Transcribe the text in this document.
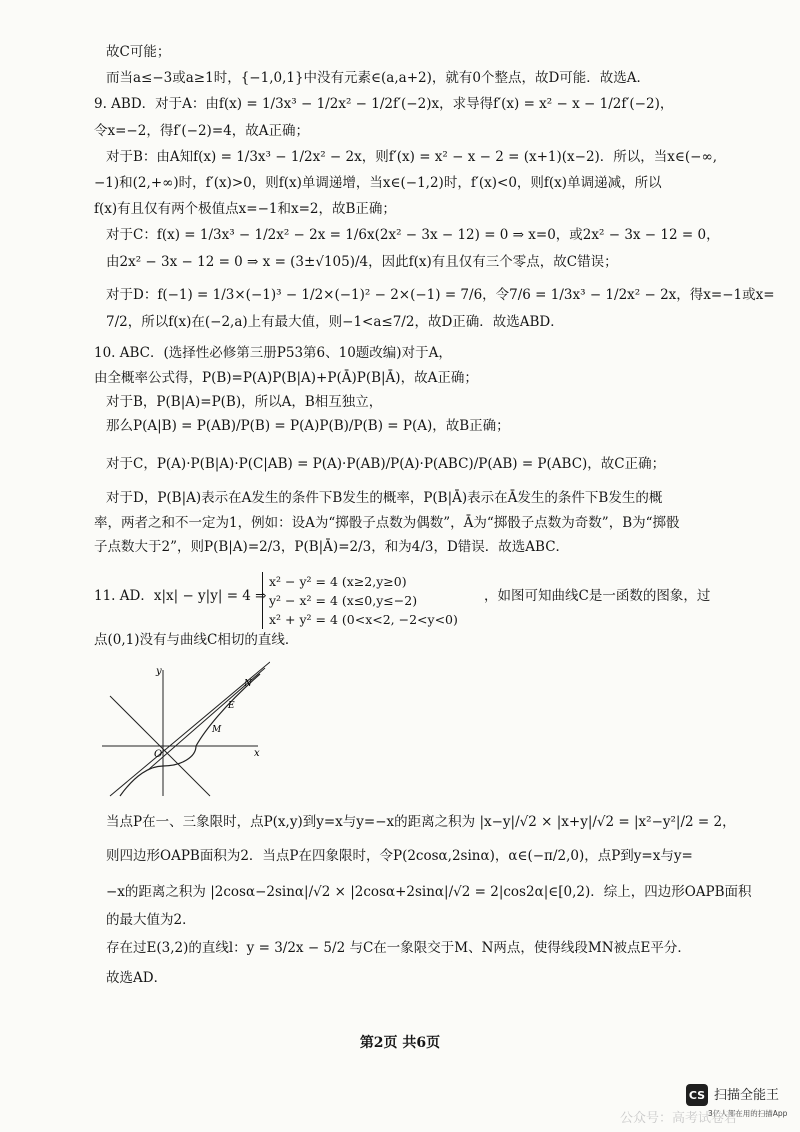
故C可能；
而当a≤−3或a≥1时，{−1,0,1}中没有元素∈(a,a+2)，就有0个整点，故D可能．故选A．
9. ABD．对于A：由f(x) = 1/3x³ − 1/2x² − 1/2f′(−2)x，求导得f′(x) = x² − x − 1/2f′(−2)，
令x=−2，得f′(−2)=4，故A正确；
对于B：由A知f(x) = 1/3x³ − 1/2x² − 2x，则f′(x) = x² − x − 2 = (x+1)(x−2)．所以，当x∈(−∞,
−1)和(2,+∞)时，f′(x)>0，则f(x)单调递增，当x∈(−1,2)时，f′(x)<0，则f(x)单调递减，所以
f(x)有且仅有两个极值点x=−1和x=2，故B正确；
对于C：f(x) = 1/3x³ − 1/2x² − 2x = 1/6x(2x² − 3x − 12) = 0 ⇒ x=0，或2x² − 3x − 12 = 0，
由2x² − 3x − 12 = 0 ⇒ x = (3±√105)/4，因此f(x)有且仅有三个零点，故C错误；
对于D：f(−1) = 1/3×(−1)³ − 1/2×(−1)² − 2×(−1) = 7/6，令7/6 = 1/3x³ − 1/2x² − 2x，得x=−1或x=
7/2，所以f(x)在(−2,a)上有最大值，则−1<a≤7/2，故D正确．故选ABD．
10. ABC．(选择性必修第三册P53第6、10题改编)对于A，
由全概率公式得，P(B)=P(A)P(B|A)+P(Ā)P(B|Ā)，故A正确；
对于B，P(B|A)=P(B)，所以A，B相互独立，
那么P(A|B) = P(AB)/P(B) = P(A)P(B)/P(B) = P(A)，故B正确；
对于C，P(A)·P(B|A)·P(C|AB) = P(A)·P(AB)/P(A)·P(ABC)/P(AB) = P(ABC)，故C正确；
对于D，P(B|A)表示在A发生的条件下B发生的概率，P(B|Ā)表示在Ā发生的条件下B发生的概
率，两者之和不一定为1，例如：设A为“掷骰子点数为偶数”，Ā为“掷骰子点数为奇数”，B为“掷骰
子点数大于2”，则P(B|A)=2/3，P(B|Ā)=2/3，和为4/3，D错误．故选ABC．
11. AD．x|x| − y|y| = 4 ⇒
x² − y² = 4 (x≥2,y≥0)
y² − x² = 4 (x≤0,y≤−2)
x² + y² = 4 (0<x<2, −2<y<0)
，如图可知曲线C是一函数的图象，过
点(0,1)没有与曲线C相切的直线．
y
x
O
N
E
M
当点P在一、三象限时，点P(x,y)到y=x与y=−x的距离之积为 |x−y|/√2 × |x+y|/√2 = |x²−y²|/2 = 2，
则四边形OAPB面积为2．当点P在四象限时，令P(2cosα,2sinα)，α∈(−π/2,0)，点P到y=x与y=
−x的距离之积为 |2cosα−2sinα|/√2 × |2cosα+2sinα|/√2 = 2|cos2α|∈[0,2)．综上，四边形OAPB面积
的最大值为2．
存在过E(3,2)的直线l：y = 3/2x − 5/2 与C在一象限交于M、N两点，使得线段MN被点E平分．
故选AD．
第2页 共6页
CS 扫描全能王
3亿人都在用的扫描App
公众号：高考试卷君
